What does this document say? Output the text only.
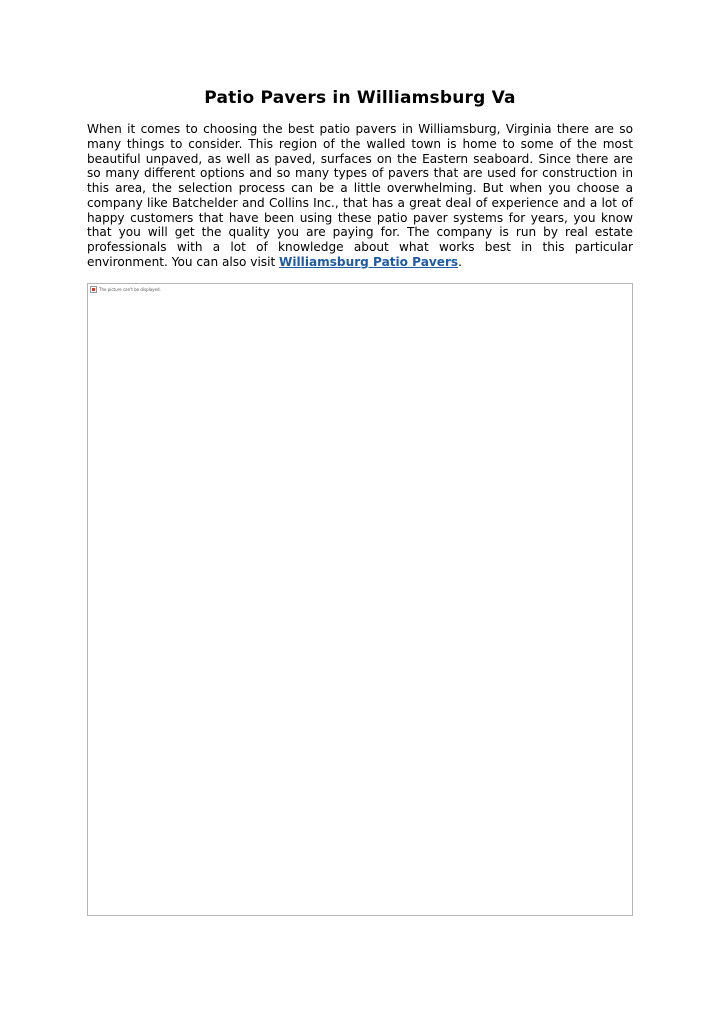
Patio Pavers in Williamsburg Va

When it comes to choosing the best patio pavers in Williamsburg, Virginia there are so many things to consider. This region of the walled town is home to some of the most beautiful unpaved, as well as paved, surfaces on the Eastern seaboard. Since there are so many different options and so many types of pavers that are used for construction in this area, the selection process can be a little overwhelming. But when you choose a company like Batchelder and Collins Inc., that has a great deal of experience and a lot of happy customers that have been using these patio paver systems for years, you know that you will get the quality you are paying for. The company is run by real estate professionals with a lot of knowledge about what works best in this particular environment. You can also visit Williamsburg Patio Pavers.

The picture can't be displayed.
